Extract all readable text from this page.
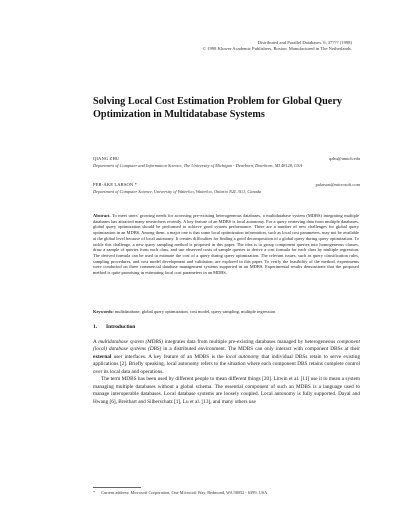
Distributed and Parallel Databases, 6, 37??? (1998)
© 1998 Kluwer Academic Publishers, Boston. Manufactured in The Netherlands.
Solving Local Cost Estimation Problem for Global Query Optimization in Multidatabase Systems
QIANG ZHU	qzhu@umich.edu
Department of Computer and Information Science, The University of Michigan - Dearborn, Dearborn, MI 48128, USA
PER-ÅKE LARSON *	palarson@microsoft.com
Department of Computer Science, University of Waterloo, Waterloo, Ontario N2L 3G1, Canada
Abstract. To meet users' growing needs for accessing pre-existing heterogeneous databases, a multidatabase system (MDBS) integrating multiple databases has attracted many researchers recently. A key feature of an MDBS is local autonomy. For a query retrieving data from multiple databases, global query optimization should be performed to achieve good system performance. There are a number of new challenges for global query optimization in an MDBS. Among them, a major one is that some local optimization information, such as local cost parameters, may not be available at the global level because of local autonomy. It creates difficulties for finding a good decomposition of a global query during query optimization. To tackle this challenge, a new query sampling method is proposed in this paper. The idea is to group component queries into homogeneous classes, draw a sample of queries from each class, and use observed costs of sample queries to derive a cost formula for each class by multiple regression. The derived formula can be used to estimate the cost of a query during query optimization. The relevant issues, such as query classification rules, sampling procedures, and cost model development and validation, are explored in this paper. To verify the feasibility of the method, experiments were conducted on three commercial database management systems supported in an MDBS. Experimental results demonstrate that the proposed method is quite promising in estimating local cost parameters in an MDBS.
Keywords: multidatabase, global query optimization, cost model, query sampling, multiple regression
1. Introduction

A multidatabase system (MDBS) integrates data from multiple pre-existing databases managed by heterogeneous component (local) database systems (DBS) in a distributed environment. The MDBS can only interact with component DBSs at their external user interfaces. A key feature of an MDBS is the local autonomy that individual DBSs retain to serve existing applications [2]. Briefly speaking, local autonomy refers to the situation where each component DBS retains complete control over its local data and operations.

The term MDBS has been used by different people to mean different things [20]. Litwin et al. [11] use it to mean a system managing multiple databases without a global schema. The essential component of such an MDBS is a language used to manage interoperable databases. Local database systems are loosely coupled. Local autonomy is fully supported. Dayal and Hwang [6], Breitbart and Silberschatz [1], Lu et al. [13], and many others use

* Current address: Microsoft Corporation, One Microsoft Way, Redmond, WA 98052 - 6399, USA
